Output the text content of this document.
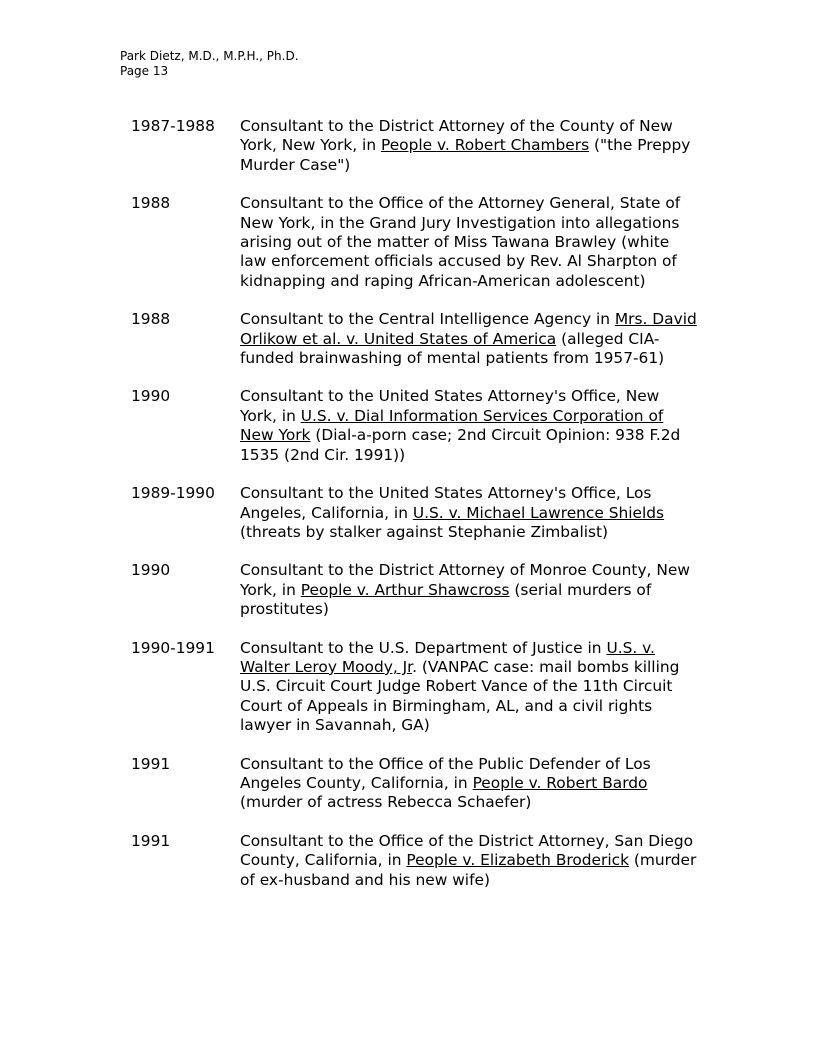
Park Dietz, M.D., M.P.H., Ph.D.
Page 13
1987-1988	Consultant to the District Attorney of the County of New York, New York, in People v. Robert Chambers ("the Preppy Murder Case")
1988	Consultant to the Office of the Attorney General, State of New York, in the Grand Jury Investigation into allegations arising out of the matter of Miss Tawana Brawley (white law enforcement officials accused by Rev. Al Sharpton of kidnapping and raping African-American adolescent)
1988	Consultant to the Central Intelligence Agency in Mrs. David Orlikow et al. v. United States of America (alleged CIA-funded brainwashing of mental patients from 1957-61)
1990	Consultant to the United States Attorney's Office, New York, in U.S. v. Dial Information Services Corporation of New York (Dial-a-porn case; 2nd Circuit Opinion: 938 F.2d 1535 (2nd Cir. 1991))
1989-1990	Consultant to the United States Attorney's Office, Los Angeles, California, in U.S. v. Michael Lawrence Shields (threats by stalker against Stephanie Zimbalist)
1990	Consultant to the District Attorney of Monroe County, New York, in People v. Arthur Shawcross (serial murders of prostitutes)
1990-1991	Consultant to the U.S. Department of Justice in U.S. v. Walter Leroy Moody, Jr. (VANPAC case: mail bombs killing U.S. Circuit Court Judge Robert Vance of the 11th Circuit Court of Appeals in Birmingham, AL, and a civil rights lawyer in Savannah, GA)
1991	Consultant to the Office of the Public Defender of Los Angeles County, California, in People v. Robert Bardo (murder of actress Rebecca Schaefer)
1991	Consultant to the Office of the District Attorney, San Diego County, California, in People v. Elizabeth Broderick (murder of ex-husband and his new wife)
